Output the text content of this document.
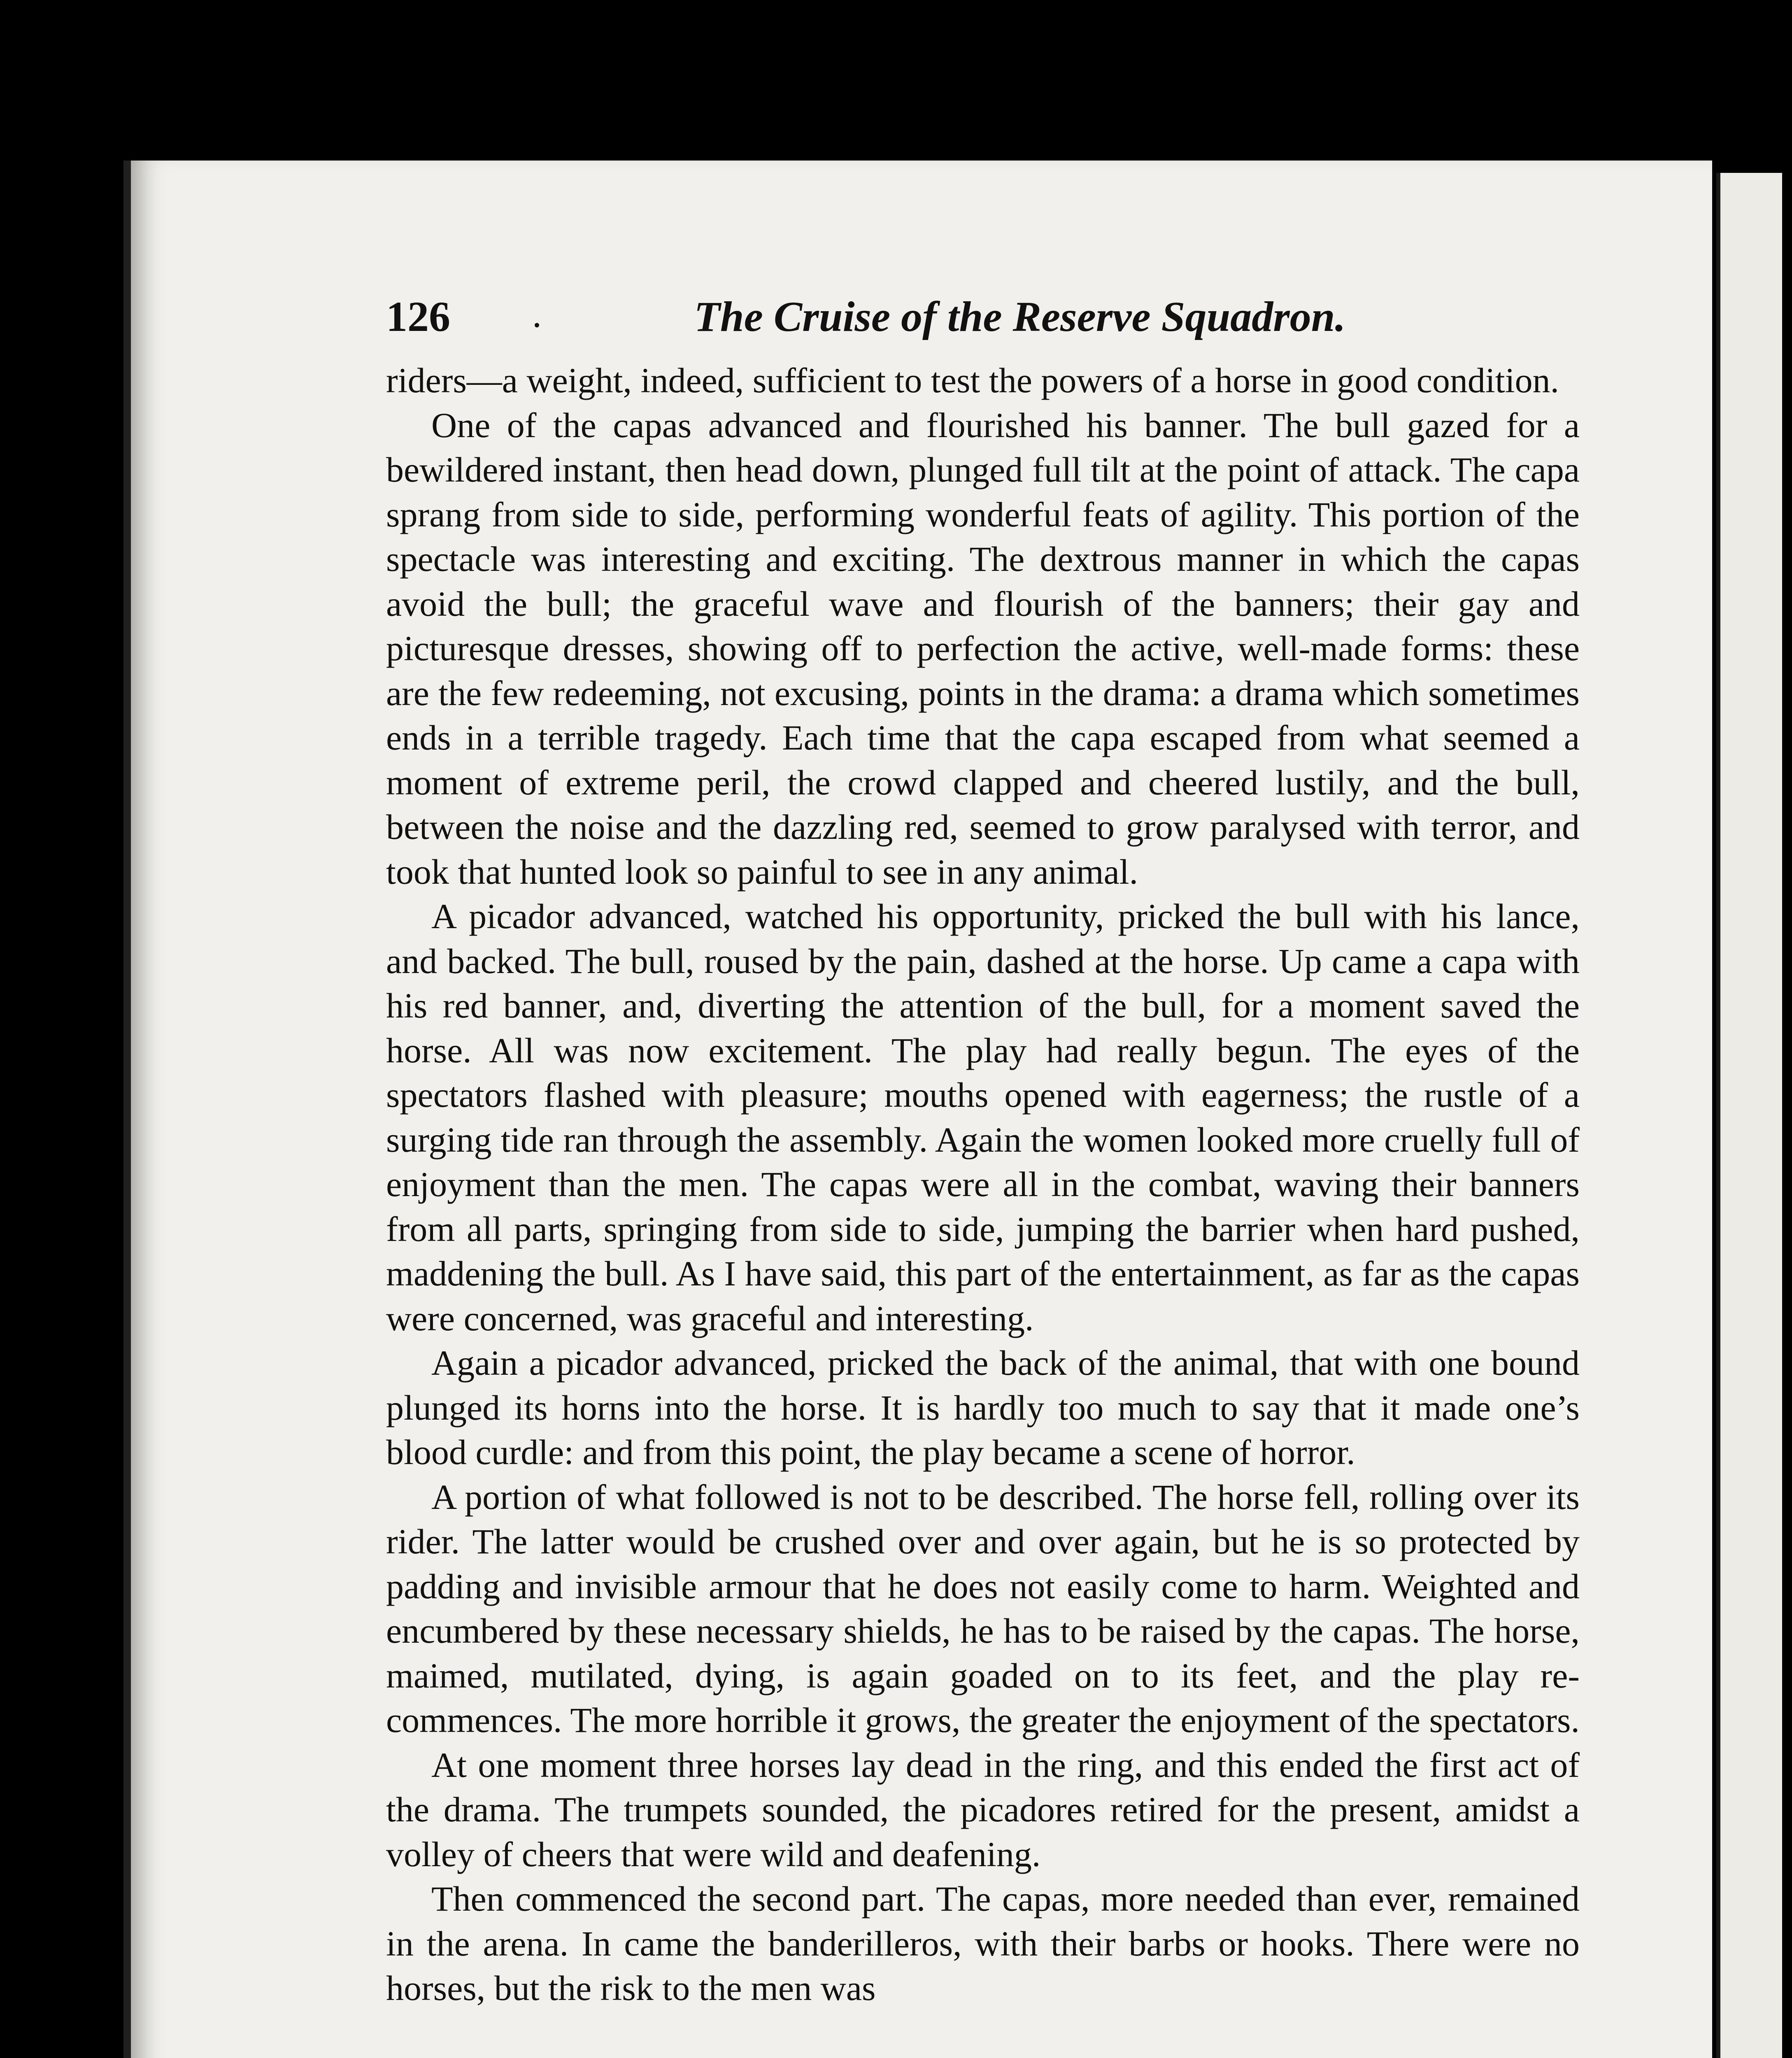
126 .	The Cruise of the Reserve Squadron.

riders—a weight, indeed, sufficient to test the powers of a horse in good condition.

One of the capas advanced and flourished his banner. The bull gazed for a bewildered instant, then head down, plunged full tilt at the point of attack. The capa sprang from side to side, performing wonderful feats of agility. This portion of the spectacle was interesting and exciting. The dextrous manner in which the capas avoid the bull; the graceful wave and flourish of the banners; their gay and picturesque dresses, showing off to perfection the active, well-made forms: these are the few redeeming, not excusing, points in the drama: a drama which sometimes ends in a terrible tragedy. Each time that the capa escaped from what seemed a moment of extreme peril, the crowd clapped and cheered lustily, and the bull, between the noise and the dazzling red, seemed to grow paralysed with terror, and took that hunted look so painful to see in any animal.

A picador advanced, watched his opportunity, pricked the bull with his lance, and backed. The bull, roused by the pain, dashed at the horse. Up came a capa with his red banner, and, diverting the attention of the bull, for a moment saved the horse. All was now excitement. The play had really begun. The eyes of the spectators flashed with pleasure; mouths opened with eagerness; the rustle of a surging tide ran through the assembly. Again the women looked more cruelly full of enjoyment than the men. The capas were all in the combat, waving their banners from all parts, springing from side to side, jumping the barrier when hard pushed, maddening the bull. As I have said, this part of the entertainment, as far as the capas were concerned, was graceful and interesting.

Again a picador advanced, pricked the back of the animal, that with one bound plunged its horns into the horse. It is hardly too much to say that it made one’s blood curdle: and from this point, the play became a scene of horror.

A portion of what followed is not to be described. The horse fell, rolling over its rider. The latter would be crushed over and over again, but he is so protected by padding and invisible armour that he does not easily come to harm. Weighted and encumbered by these necessary shields, he has to be raised by the capas. The horse, maimed, mutilated, dying, is again goaded on to its feet, and the play re-commences. The more horrible it grows, the greater the enjoyment of the spectators.

At one moment three horses lay dead in the ring, and this ended the first act of the drama. The trumpets sounded, the picadores retired for the present, amidst a volley of cheers that were wild and deafening.

Then commenced the second part. The capas, more needed than ever, remained in the arena. In came the banderilleros, with their barbs or hooks. There were no horses, but the risk to the men was
